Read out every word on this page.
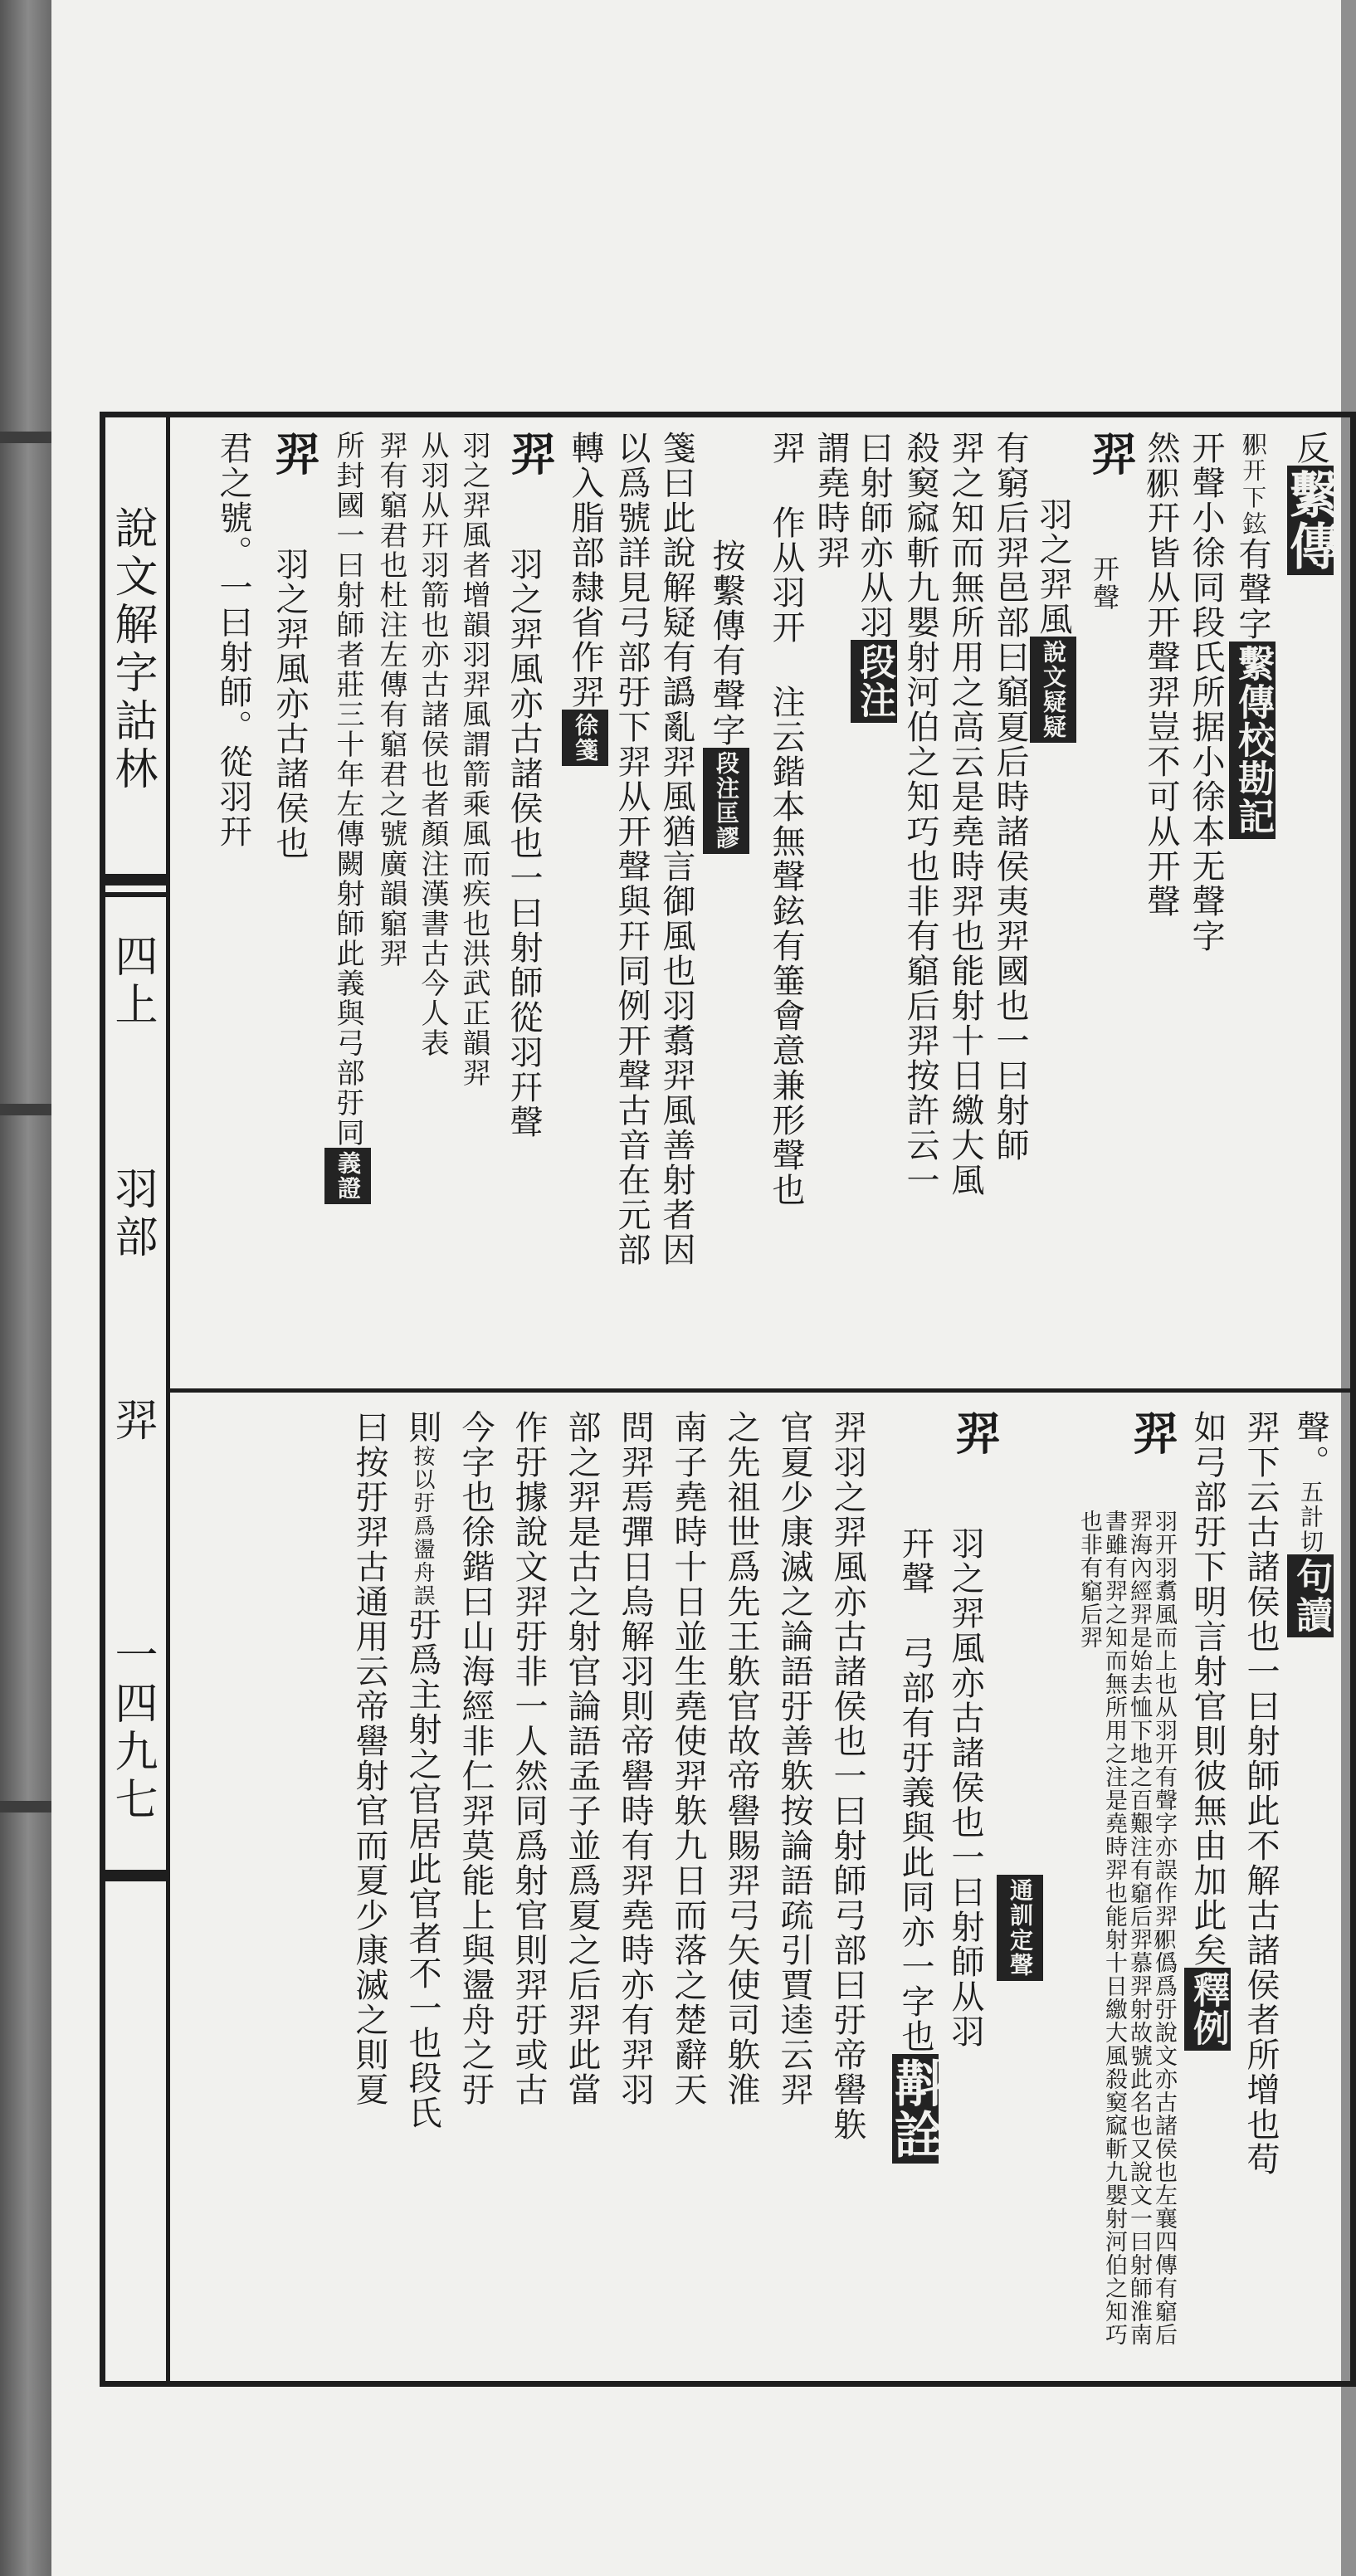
說文解字詁林
四上
羽部
羿
一四九七
反繫傳
𦐖开下鉉有聲字繫傳校勘記
开聲小徐同段氏所据小徐本无聲字
然𦐖幵皆从开聲羿豈不可从开聲
羿
开聲
羽之羿風說文疑疑
有窮后羿邑部曰竆夏后時諸侯夷羿國也一曰射師
羿之知而無所用之高云是堯時羿也能射十日繳大風
殺窫窳斬九嬰射河伯之知巧也非有竆后羿按許云一
曰射師亦从羽段注
謂堯時羿
羿 作从羽开 注云鍇本無聲鉉有箠會意兼形聲也
按繫傳有聲字段注匡謬
箋曰此說解疑有譌亂羿風猶言御風也羽翥羿風善射者因
以爲號詳見弓部弙下羿从开聲與幵同例开聲古音在元部
轉入脂部隸省作羿徐箋
羿
羽之羿風亦古諸侯也一曰射師從羽幵聲
羽之羿風者增韻羽羿風謂箭乘風而疾也洪武正韻羿
从羽从幵羽箭也亦古諸侯也者顏注漢書古今人表
羿有竆君也杜注左傳有竆君之號廣韻竆羿
所封國一曰射師者莊三十年左傳闕射師此義與弓部弙同義證
羿
羽之羿風亦古諸侯也
君之號。一曰射師。從羽幵
聲。五計切句讀
羿下云古諸侯也一曰射師此不解古諸侯者所增也苟
如弓部弙下明言射官則彼無由加此矣釋例
羿
羽开羽翥風而上也从羽开有聲字亦誤作羿𦐖僞爲弙說文亦古諸侯也左襄四傳有竆后羿海內經羿是始去恤下地之百艱注有竆后羿慕羿射故號此名也又說文一曰射師淮南書雖有羿之知而無所用之注是堯時羿也能射十日繳大風殺窫窳斬九嬰射河伯之知巧也非有竆后羿
通訓定聲
羿
羽之羿風亦古諸侯也一曰射師从羽
幵聲 弓部有弙義與此同亦一字也斠詮
羿羽之羿風亦古諸侯也一曰射師弓部曰弙帝嚳䠶
官夏少康滅之論語弙善䠶按論語疏引賈逵云羿
之先祖世爲先王䠶官故帝嚳賜羿弓矢使司䠶淮
南子堯時十日並生堯使羿䠶九日而落之楚辭天
問羿焉彈日烏解羽則帝嚳時有羿堯時亦有羿羽
部之羿是古之射官論語孟子並爲夏之后羿此當
作弙據說文羿弙非一人然同爲射官則羿弙或古
今字也徐鍇曰山海經非仁羿莫能上與盪舟之弙
則按以弙爲盪舟誤弙爲主射之官居此官者不一也段氏
曰按弙羿古通用云帝嚳射官而夏少康滅之則夏
